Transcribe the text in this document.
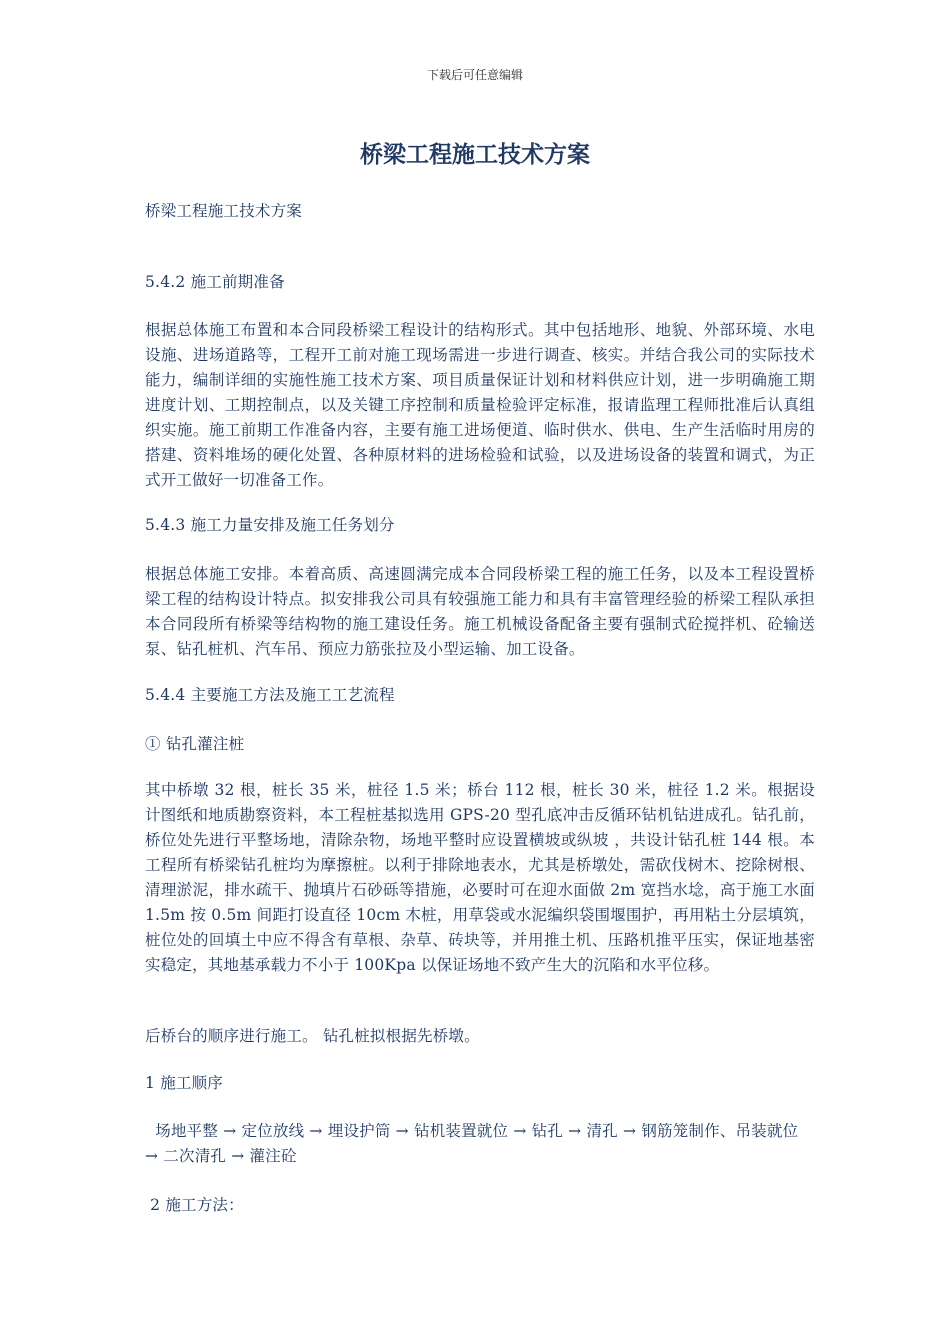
下载后可任意编辑
桥梁工程施工技术方案
桥梁工程施工技术方案
5.4.2 施工前期准备
根据总体施工布置和本合同段桥梁工程设计的结构形式。其中包括地形、地貌、外部环境、水电设施、进场道路等，工程开工前对施工现场需进一步进行调查、核实。并结合我公司的实际技术能力，编制详细的实施性施工技术方案、项目质量保证计划和材料供应计划，进一步明确施工期进度计划、工期控制点，以及关键工序控制和质量检验评定标准，报请监理工程师批准后认真组织实施。施工前期工作准备内容，主要有施工进场便道、临时供水、供电、生产生活临时用房的搭建、资料堆场的硬化处置、各种原材料的进场检验和试验，以及进场设备的装置和调式，为正式开工做好一切准备工作。
5.4.3 施工力量安排及施工任务划分
根据总体施工安排。本着高质、高速圆满完成本合同段桥梁工程的施工任务，以及本工程设置桥梁工程的结构设计特点。拟安排我公司具有较强施工能力和具有丰富管理经验的桥梁工程队承担本合同段所有桥梁等结构物的施工建设任务。施工机械设备配备主要有强制式砼搅拌机、砼输送泵、钻孔桩机、汽车吊、预应力筋张拉及小型运输、加工设备。
5.4.4 主要施工方法及施工工艺流程
① 钻孔灌注桩
其中桥墩 32 根，桩长 35 米，桩径 1.5 米；桥台 112 根，桩长 30 米，桩径 1.2 米。根据设计图纸和地质勘察资料，本工程桩基拟选用 GPS-20 型孔底冲击反循环钻机钻进成孔。钻孔前，桥位处先进行平整场地，清除杂物，场地平整时应设置横坡或纵坡 ，共设计钻孔桩 144 根。本工程所有桥梁钻孔桩均为摩擦桩。以利于排除地表水，尤其是桥墩处，需砍伐树木、挖除树根、清理淤泥，排水疏干、抛填片石砂砾等措施，必要时可在迎水面做 2m 宽挡水埝，高于施工水面 1.5m 按 0.5m 间距打设直径 10cm 木桩，用草袋或水泥编织袋围堰围护，再用粘土分层填筑，桩位处的回填土中应不得含有草根、杂草、砖块等，并用推土机、压路机推平压实，保证地基密实稳定，其地基承载力不小于 100Kpa 以保证场地不致产生大的沉陷和水平位移。
后桥台的顺序进行施工。 钻孔桩拟根据先桥墩。
1 施工顺序
场地平整 → 定位放线 → 埋设护筒 → 钻机装置就位 → 钻孔 → 清孔 → 钢筋笼制作、吊装就位 → 二次清孔 → 灌注砼
2 施工方法：
